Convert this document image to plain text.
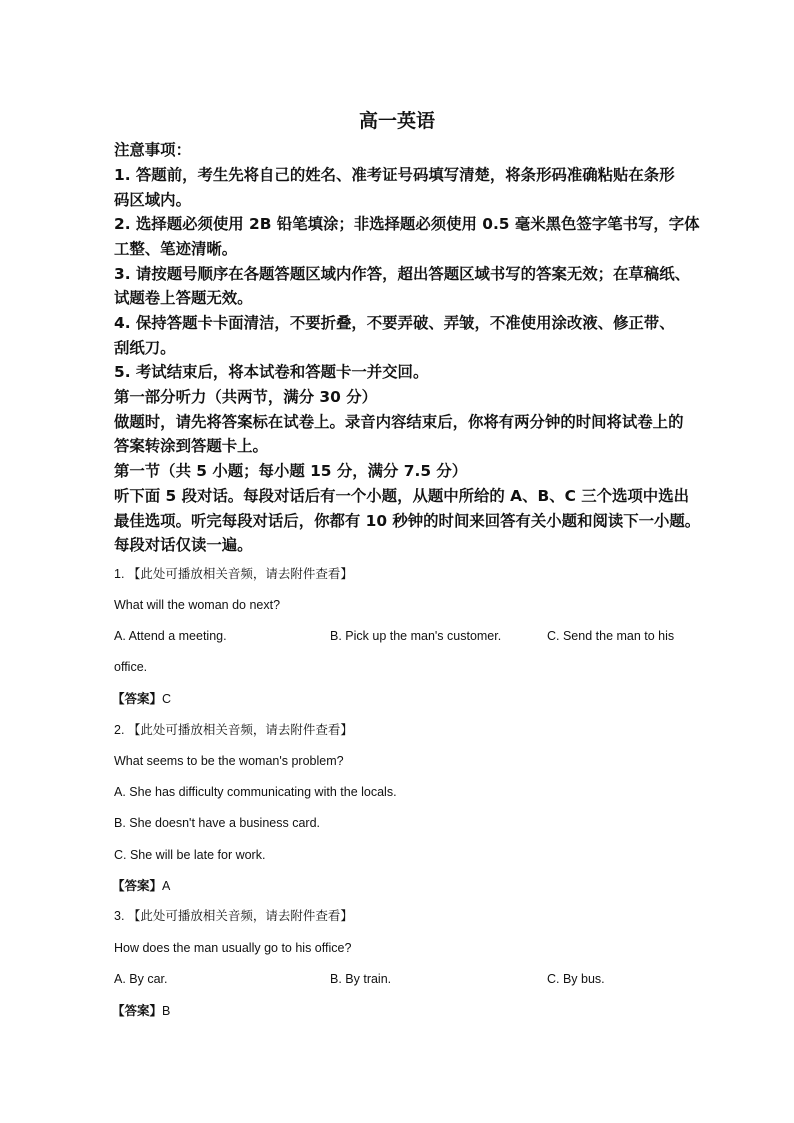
高一英语
注意事项：
1. 答题前，考生先将自己的姓名、准考证号码填写清楚，将条形码准确粘贴在条形
码区域内。
2. 选择题必须使用 2B 铅笔填涂；非选择题必须使用 0.5 毫米黑色签字笔书写，字体
工整、笔迹清晰。
3. 请按题号顺序在各题答题区域内作答，超出答题区域书写的答案无效；在草稿纸、
试题卷上答题无效。
4. 保持答题卡卡面清洁，不要折叠，不要弄破、弄皱，不准使用涂改液、修正带、
刮纸刀。
5. 考试结束后，将本试卷和答题卡一并交回。
第一部分听力（共两节，满分 30 分）
做题时，请先将答案标在试卷上。录音内容结束后，你将有两分钟的时间将试卷上的
答案转涂到答题卡上。
第一节（共 5 小题；每小题 15 分，满分 7.5 分）
听下面 5 段对话。每段对话后有一个小题，从题中所给的 A、B、C 三个选项中选出
最佳选项。听完每段对话后，你都有 10 秒钟的时间来回答有关小题和阅读下一小题。
每段对话仅读一遍。
1. 【此处可播放相关音频，请去附件查看】
What will the woman do next?
A. Attend a meeting.	B. Pick up the man's customer.	C. Send the man to his
office.
【答案】C
2. 【此处可播放相关音频，请去附件查看】
What seems to be the woman's problem?
A. She has difficulty communicating with the locals.
B. She doesn't have a business card.
C. She will be late for work.
【答案】A
3. 【此处可播放相关音频，请去附件查看】
How does the man usually go to his office?
A. By car.	B. By train.	C. By bus.
【答案】B
